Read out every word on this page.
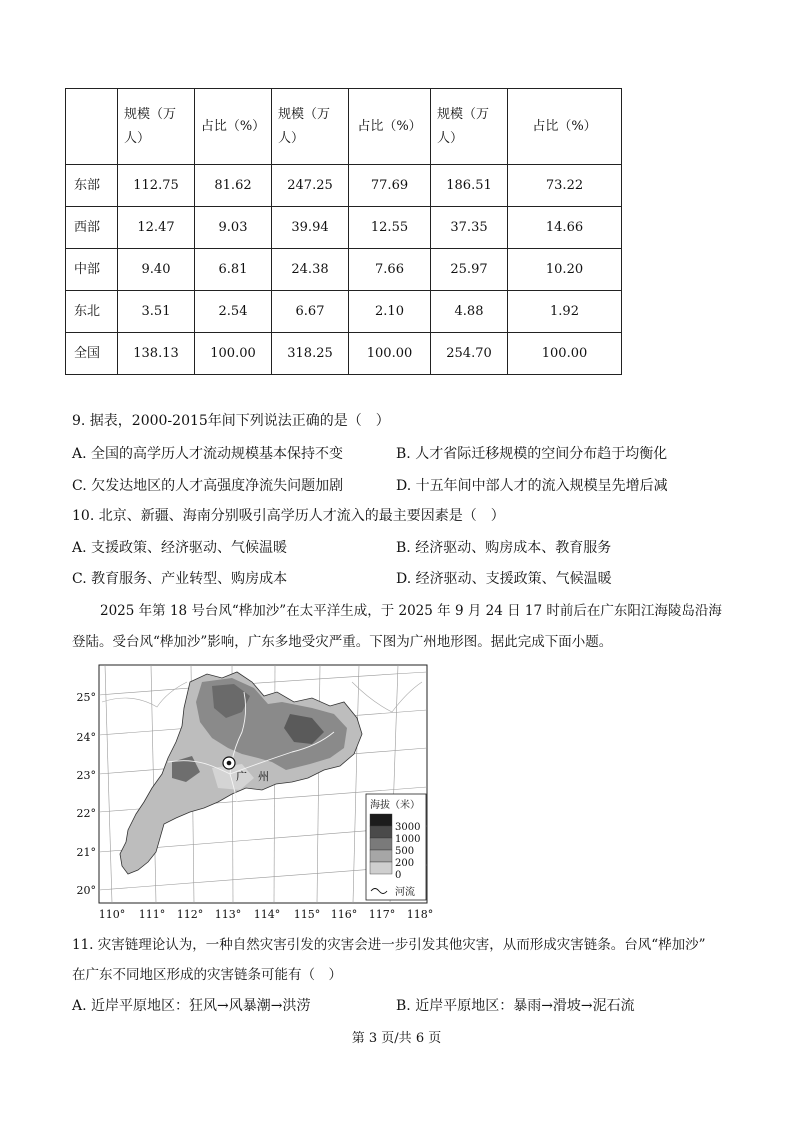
	规模（万人）	占比（%）	规模（万人）	占比（%）	规模（万人）	占比（%）
东部	112.75	81.62	247.25	77.69	186.51	73.22
西部	12.47	9.03	39.94	12.55	37.35	14.66
中部	9.40	6.81	24.38	7.66	25.97	10.20
东北	3.51	2.54	6.67	2.10	4.88	1.92
全国	138.13	100.00	318.25	100.00	254.70	100.00
9. 据表，2000-2015年间下列说法正确的是（　）
A. 全国的高学历人才流动规模基本保持不变	B. 人才省际迁移规模的空间分布趋于均衡化
C. 欠发达地区的人才高强度净流失问题加剧	D. 十五年间中部人才的流入规模呈先增后减
10. 北京、新疆、海南分别吸引高学历人才流入的最主要因素是（　）
A. 支援政策、经济驱动、气候温暖	B. 经济驱动、购房成本、教育服务
C. 教育服务、产业转型、购房成本	D. 经济驱动、支援政策、气候温暖
2025 年第 18 号台风“桦加沙”在太平洋生成，于 2025 年 9 月 24 日 17 时前后在广东阳江海陵岛沿海
登陆。受台风“桦加沙”影响，广东多地受灾严重。下图为广州地形图。据此完成下面小题。
广　州
25°
24°
23°
22°
21°
20°
110° 111° 112° 113° 114° 115° 116° 117° 118°
海拔（米）
3000
1000
500
200
0
河流
11. 灾害链理论认为，一种自然灾害引发的灾害会进一步引发其他灾害，从而形成灾害链条。台风“桦加沙”
在广东不同地区形成的灾害链条可能有（　）
A. 近岸平原地区：狂风→风暴潮→洪涝	B. 近岸平原地区：暴雨→滑坡→泥石流
第 3 页/共 6 页
